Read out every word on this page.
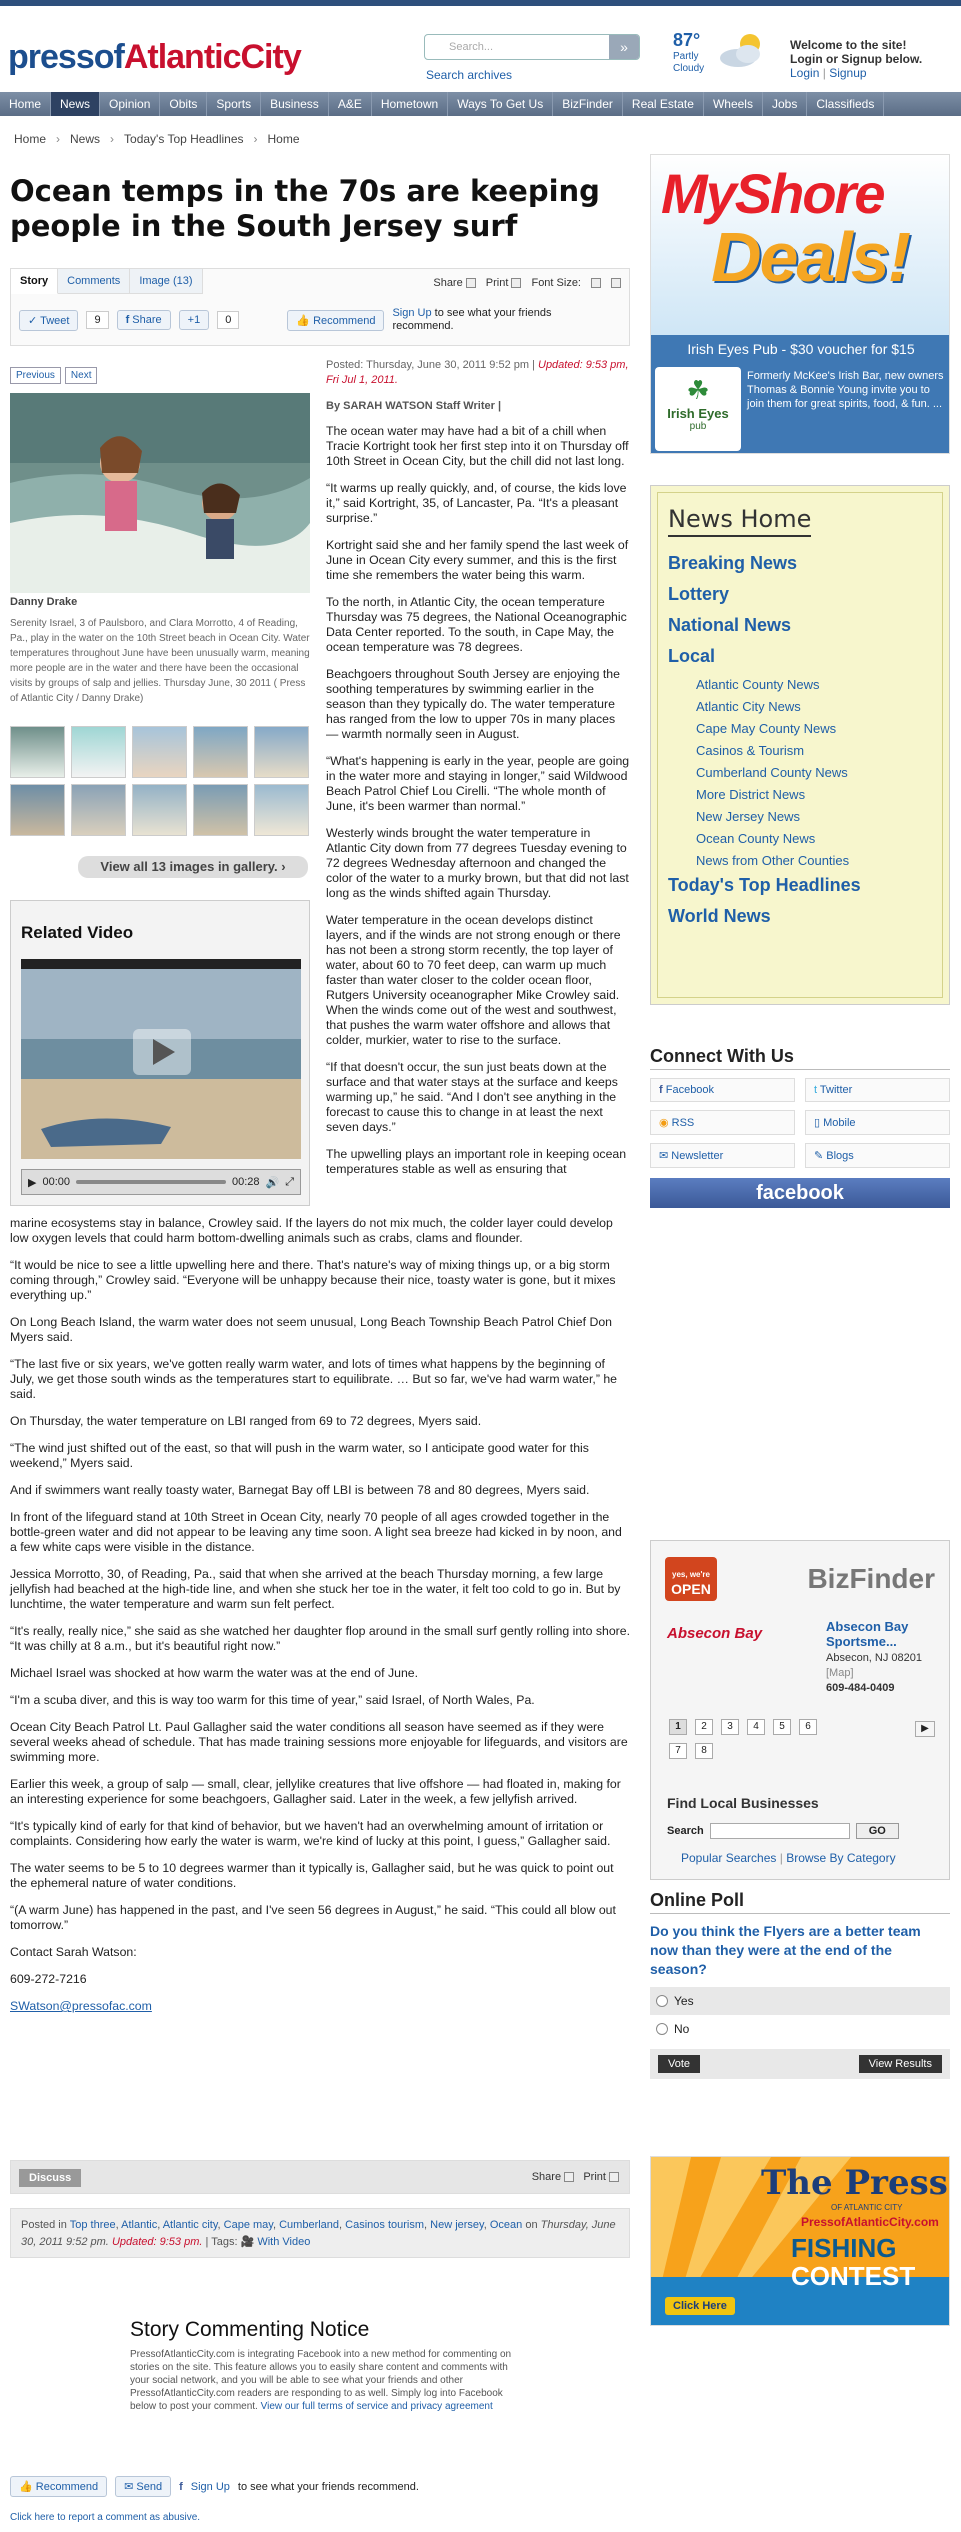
pressofAtlanticCity	Search...	»
Search archives
87°
Partly
Cloudy
Welcome to the site!
Login or Signup below.
Login | Signup
Home	News	Opinion	Obits	Sports	Business	A&E	Hometown	Ways To Get Us	BizFinder	Real Estate	Wheels	Jobs	Classifieds
Home › News › Today's Top Headlines › Home
Ocean temps in the 70s are keeping people in the South Jersey surf
Story	Comments	Image (13)	Share	Print	Font Size:
✓ Tweet	9	f Share	+1	0	👍 Recommend
Sign Up to see what your friends recommend.
Previous	Next
Danny Drake
Serenity Israel, 3 of Paulsboro, and Clara Morrotto, 4 of Reading, Pa., play in the water on the 10th Street beach in Ocean City. Water temperatures throughout June have been unusually warm, meaning more people are in the water and there have been the occasional visits by groups of salp and jellies. Thursday June, 30 2011 ( Press of Atlantic City / Danny Drake)
View all 13 images in gallery. ›
Related Video
▶ 00:00	00:28 🔊 ⤢
Posted: Thursday, June 30, 2011 9:52 pm | Updated: 9:53 pm, Fri Jul 1, 2011.
By SARAH WATSON Staff Writer |

The ocean water may have had a bit of a chill when Tracie Kortright took her first step into it on Thursday off 10th Street in Ocean City, but the chill did not last long.

“It warms up really quickly, and, of course, the kids love it,” said Kortright, 35, of Lancaster, Pa. “It's a pleasant surprise.”

Kortright said she and her family spend the last week of June in Ocean City every summer, and this is the first time she remembers the water being this warm.

To the north, in Atlantic City, the ocean temperature Thursday was 75 degrees, the National Oceanographic Data Center reported. To the south, in Cape May, the ocean temperature was 78 degrees.

Beachgoers throughout South Jersey are enjoying the soothing temperatures by swimming earlier in the season than they typically do. The water temperature has ranged from the low to upper 70s in many places — warmth normally seen in August.

“What's happening is early in the year, people are going in the water more and staying in longer,” said Wildwood Beach Patrol Chief Lou Cirelli. “The whole month of June, it's been warmer than normal.”

Westerly winds brought the water temperature in Atlantic City down from 77 degrees Tuesday evening to 72 degrees Wednesday afternoon and changed the color of the water to a murky brown, but that did not last long as the winds shifted again Thursday.

Water temperature in the ocean develops distinct layers, and if the winds are not strong enough or there has not been a strong storm recently, the top layer of water, about 60 to 70 feet deep, can warm up much faster than water closer to the colder ocean floor, Rutgers University oceanographer Mike Crowley said. When the winds come out of the west and southwest, that pushes the warm water offshore and allows that colder, murkier, water to rise to the surface.

“If that doesn't occur, the sun just beats down at the surface and that water stays at the surface and keeps warming up,” he said. “And I don't see anything in the forecast to cause this to change in at least the next seven days.”

The upwelling plays an important role in keeping ocean temperatures stable as well as ensuring that

marine ecosystems stay in balance, Crowley said. If the layers do not mix much, the colder layer could develop low oxygen levels that could harm bottom-dwelling animals such as crabs, clams and flounder.

“It would be nice to see a little upwelling here and there. That's nature's way of mixing things up, or a big storm coming through,” Crowley said. “Everyone will be unhappy because their nice, toasty water is gone, but it mixes everything up.”

On Long Beach Island, the warm water does not seem unusual, Long Beach Township Beach Patrol Chief Don Myers said.

“The last five or six years, we've gotten really warm water, and lots of times what happens by the beginning of July, we get those south winds as the temperatures start to equilibrate. … But so far, we've had warm water,” he said.

On Thursday, the water temperature on LBI ranged from 69 to 72 degrees, Myers said.

“The wind just shifted out of the east, so that will push in the warm water, so I anticipate good water for this weekend,” Myers said.

And if swimmers want really toasty water, Barnegat Bay off LBI is between 78 and 80 degrees, Myers said.

In front of the lifeguard stand at 10th Street in Ocean City, nearly 70 people of all ages crowded together in the bottle-green water and did not appear to be leaving any time soon. A light sea breeze had kicked in by noon, and a few white caps were visible in the distance.

Jessica Morrotto, 30, of Reading, Pa., said that when she arrived at the beach Thursday morning, a few large jellyfish had beached at the high-tide line, and when she stuck her toe in the water, it felt too cold to go in. But by lunchtime, the water temperature and warm sun felt perfect.

“It's really, really nice,” she said as she watched her daughter flop around in the small surf gently rolling into shore. “It was chilly at 8 a.m., but it's beautiful right now.”

Michael Israel was shocked at how warm the water was at the end of June.

“I'm a scuba diver, and this is way too warm for this time of year,” said Israel, of North Wales, Pa.

Ocean City Beach Patrol Lt. Paul Gallagher said the water conditions all season have seemed as if they were several weeks ahead of schedule. That has made training sessions more enjoyable for lifeguards, and visitors are swimming more.

Earlier this week, a group of salp — small, clear, jellylike creatures that live offshore — had floated in, making for an interesting experience for some beachgoers, Gallagher said. Later in the week, a few jellyfish arrived.

“It's typically kind of early for that kind of behavior, but we haven't had an overwhelming amount of irritation or complaints. Considering how early the water is warm, we're kind of lucky at this point, I guess,” Gallagher said.

The water seems to be 5 to 10 degrees warmer than it typically is, Gallagher said, but he was quick to point out the ephemeral nature of water conditions.

“(A warm June) has happened in the past, and I've seen 56 degrees in August,” he said. “This could all blow out tomorrow.”

Contact Sarah Watson:

609-272-7216

SWatson@pressofac.com

Discuss	Share Print
Posted in Top three, Atlantic, Atlantic city, Cape may, Cumberland, Casinos tourism, New jersey, Ocean on Thursday, June 30, 2011 9:52 pm. Updated: 9:53 pm. | Tags: 🎥 With Video
Story Commenting Notice

PressofAtlanticCity.com is integrating Facebook into a new method for commenting on stories on the site. This feature allows you to easily share content and comments with your social network, and you will be able to see what your friends and other PressofAtlanticCity.com readers are responding to as well. Simply log into Facebook below to post your comment. View our full terms of service and privacy agreement

👍 Recommend	✉ Send	f Sign Up to see what your friends recommend.
Click here to report a comment as abusive.
MyShore
Deals!
Irish Eyes Pub - $30 voucher for $15
☘
Irish Eyes
pub
Formerly McKee's Irish Bar, new owners Thomas & Bonnie Young invite you to join them for great spirits, food, & fun. ...
News Home
Breaking News
Lottery
National News
Local
Atlantic County News
Atlantic City News
Cape May County News
Casinos & Tourism
Cumberland County News
More District News
New Jersey News
Ocean County News
News from Other Counties
Today's Top Headlines
World News
Connect With Us
f Facebook	t Twitter
◉ RSS	▯ Mobile
✉ Newsletter	✎ Blogs
facebook
yes, we're
OPEN	BizFinder
Absecon Bay	Absecon Bay Sportsme...
Absecon, NJ 08201
[Map]
609-484-0409
1	2	3	4	5	6
7	8
▶
Find Local Businesses
Search	GO
Popular Searches | Browse By Category
Online Poll
Do you think the Flyers are a better team now than they were at the end of the season?
Yes
No
Vote	View Results
The Press
OF ATLANTIC CITY
PressofAtlanticCity.com
FISHING
CONTEST
Click Here
